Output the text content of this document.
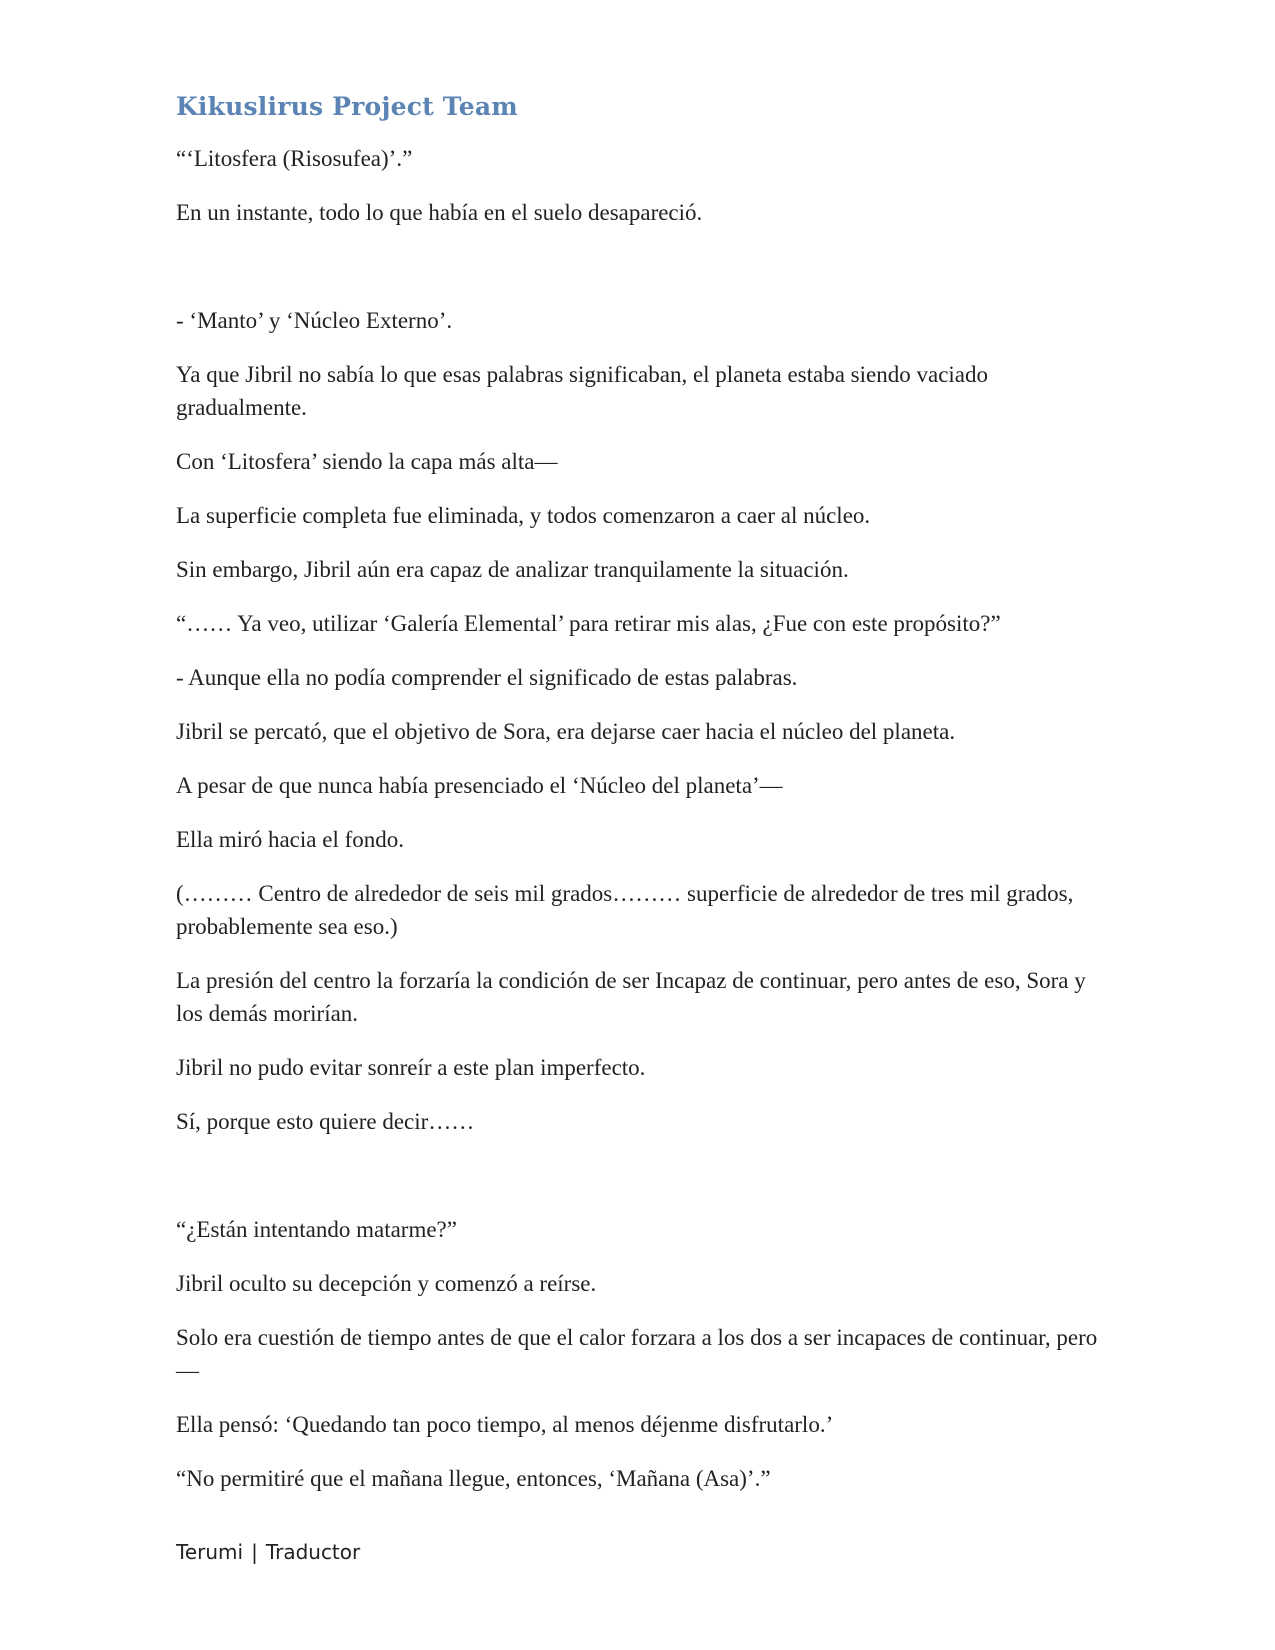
Kikuslirus Project Team

“‘Litosfera (Risosufea)’.”

En un instante, todo lo que había en el suelo desapareció.

- ‘Manto’ y ‘Núcleo Externo’.

Ya que Jibril no sabía lo que esas palabras significaban, el planeta estaba siendo vaciado gradualmente.

Con ‘Litosfera’ siendo la capa más alta—

La superficie completa fue eliminada, y todos comenzaron a caer al núcleo.

Sin embargo, Jibril aún era capaz de analizar tranquilamente la situación.

“…… Ya veo, utilizar ‘Galería Elemental’ para retirar mis alas, ¿Fue con este propósito?”

- Aunque ella no podía comprender el significado de estas palabras.

Jibril se percató, que el objetivo de Sora, era dejarse caer hacia el núcleo del planeta.

A pesar de que nunca había presenciado el ‘Núcleo del planeta’—

Ella miró hacia el fondo.

(……… Centro de alrededor de seis mil grados……… superficie de alrededor de tres mil grados, probablemente sea eso.)

La presión del centro la forzaría la condición de ser Incapaz de continuar, pero antes de eso, Sora y los demás morirían.

Jibril no pudo evitar sonreír a este plan imperfecto.

Sí, porque esto quiere decir……

“¿Están intentando matarme?”

Jibril oculto su decepción y comenzó a reírse.

Solo era cuestión de tiempo antes de que el calor forzara a los dos a ser incapaces de continuar, pero—

Ella pensó: ‘Quedando tan poco tiempo, al menos déjenme disfrutarlo.’

“No permitiré que el mañana llegue, entonces, ‘Mañana (Asa)’.”

Terumi | Traductor
